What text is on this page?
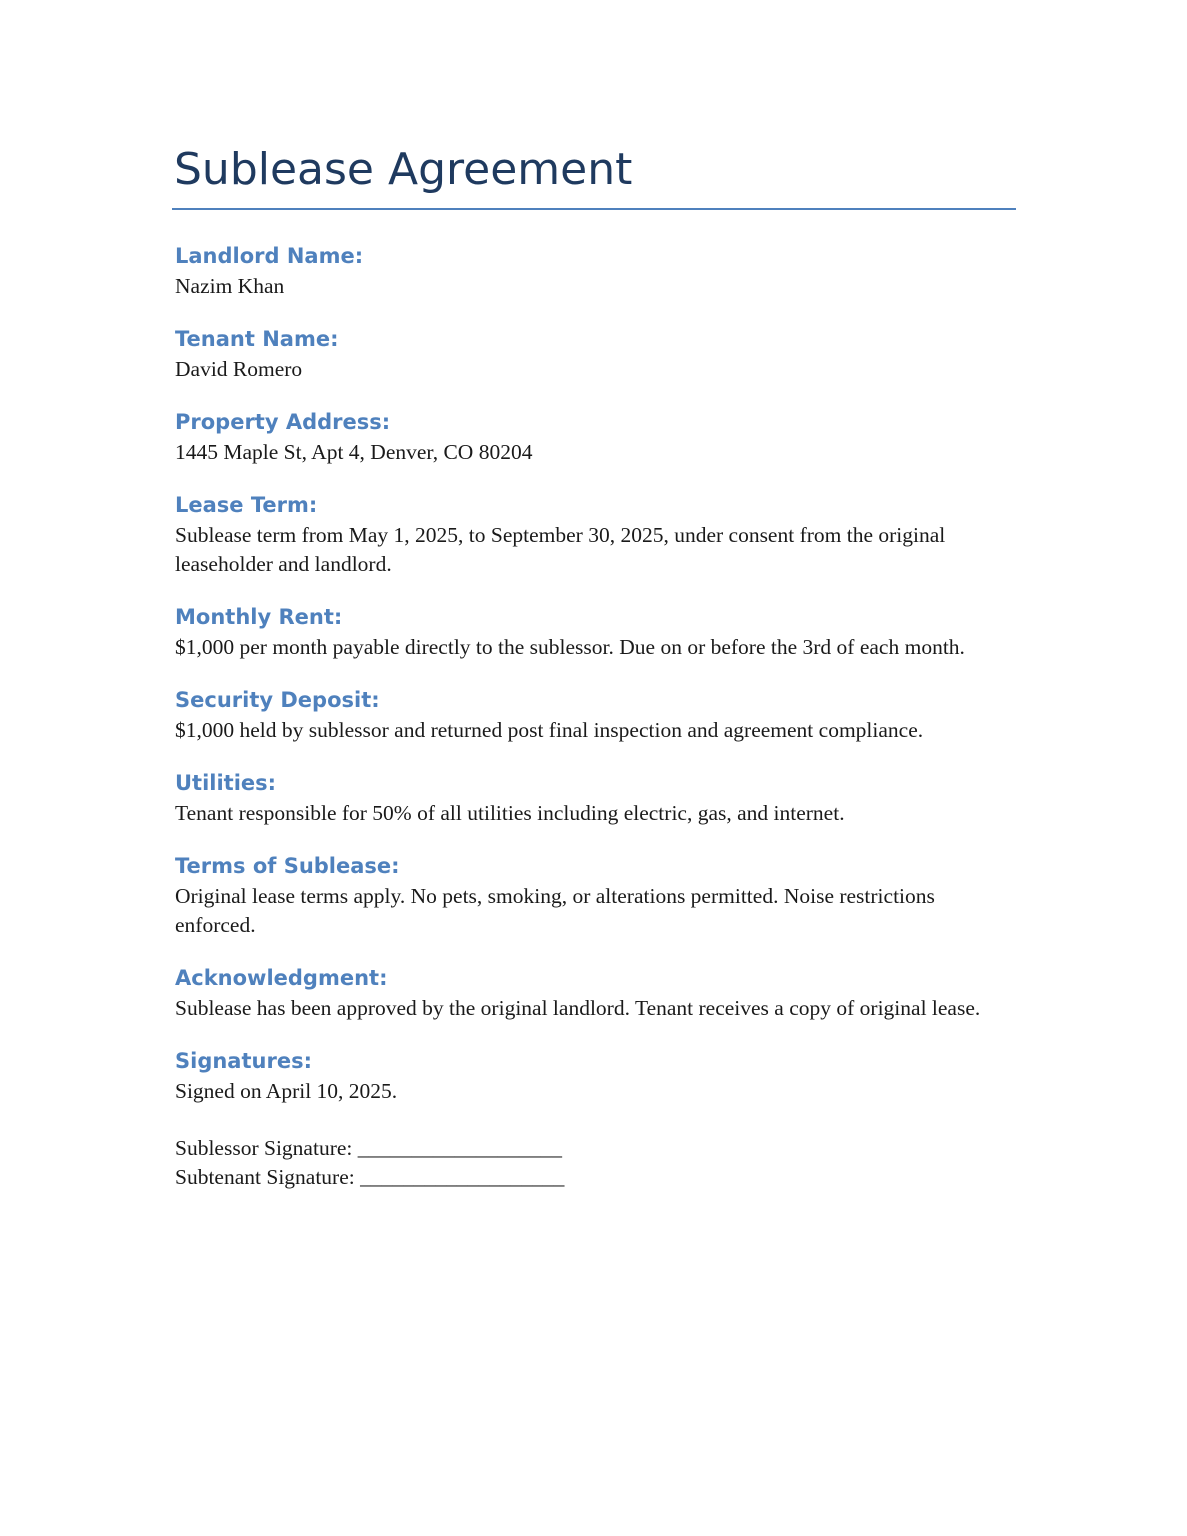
Sublease Agreement
Landlord Name:
Nazim Khan
Tenant Name:
David Romero
Property Address:
1445 Maple St, Apt 4, Denver, CO 80204
Lease Term:
Sublease term from May 1, 2025, to September 30, 2025, under consent from the original leaseholder and landlord.
Monthly Rent:
$1,000 per month payable directly to the sublessor. Due on or before the 3rd of each month.
Security Deposit:
$1,000 held by sublessor and returned post final inspection and agreement compliance.
Utilities:
Tenant responsible for 50% of all utilities including electric, gas, and internet.
Terms of Sublease:
Original lease terms apply. No pets, smoking, or alterations permitted. Noise restrictions enforced.
Acknowledgment:
Sublease has been approved by the original landlord. Tenant receives a copy of original lease.
Signatures:
Signed on April 10, 2025.
Sublessor Signature: ___________________
Subtenant Signature: ___________________
